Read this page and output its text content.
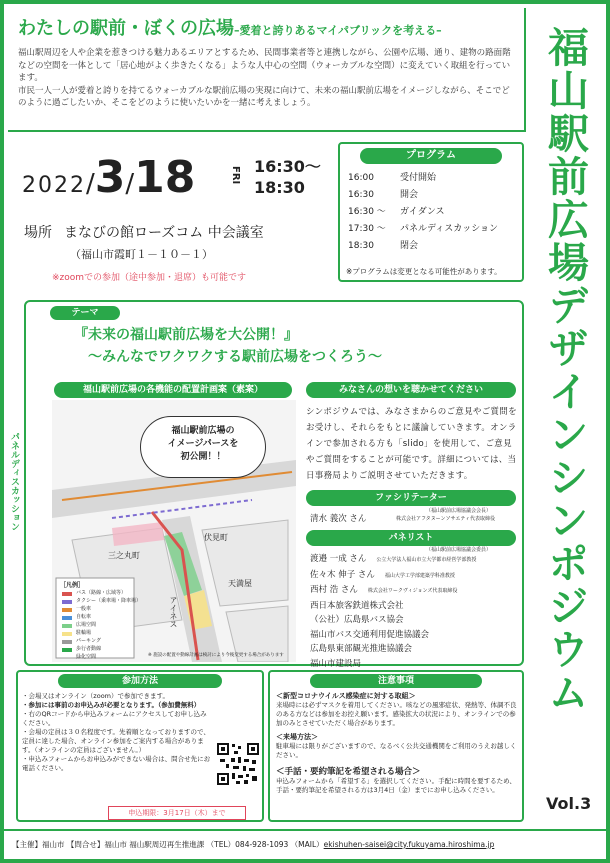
わたしの駅前・ぼくの広場–愛着と誇りあるマイパブリックを考える–
福山駅周辺を人や企業を惹きつける魅力あるエリアとするため、民間事業者等と連携しながら、公園や広場、通り、建物の路面階などの空間を一体として「居心地がよく歩きたくなる」ような人中心の空間（ウォーカブルな空間）に変えていく取組を行っています。
市民一人一人が愛着と誇りを持てるウォーカブルな駅前広場の実現に向けて、未来の福山駅前広場をイメージしながら、そこでどのように過ごしたいか、そこをどのように使いたいかを一緒に考えましょう。	福山駅前広場デザインシンポジウム
Vol.3
2022/3/18	FRI 16:30〜
18:30
場所 まなびの館ローズコム 中会議室
（福山市霞町１－１０－１）
※zoomでの参加（途中参加・退席）も可能です
プログラム
16:00	受付開始
16:30	開会
16:30 〜	ガイダンス
17:30 〜	パネルディスカッション
18:30	閉会
※プログラムは変更となる可能性があります。
パネルディスカッション
テーマ
『未来の福山駅前広場を大公開！』
〜みんなでワクワクする駅前広場をつくろう〜
福山駅前広場の各機能の配置計画案（素案）
伏見町
三之丸町
天満屋
アイネス
［凡例］
バス（路線・広域等）
タクシー（乗車場・降車場）
一般車
自転車
広場空間
駐輪場
パーキング
歩行者動線
緑化空間	※ 施設の配置や動線計画は検討により今後変更する場合があります
福山駅前広場の
イメージパースを
初公開！！
みなさんの想いを聴かせてください
シンポジウムでは、みなさまからのご意見やご質問をお受けし、それらをもとに議論していきます。オンラインで参加される方も「slido」を使用して、ご意見やご質問をすることが可能です。詳細については、当日事務局よりご説明させていただきます。
ファシリテーター
（福山駅前広場協議会会長）
清水 義次 さん	株式会社アフタヌーンソサエティ代表取締役
パネリスト
（福山駅前広場協議会委員）
渡邉 一成 さん 公立大学法人福山市立大学都市経営学部教授
佐々木 伸子 さん 福山大学工学部建築学科准教授
西村 浩 さん 株式会社ワークヴィジョンズ代表取締役
西日本旅客鉄道株式会社
（公社）広島県バス協会
福山市バス交通利用促進協議会
広島県東部観光推進協議会
福山市建設局
参加方法
・会場又はオンライン（zoom）で参加できます。
・参加には事前のお申込みが必要となります。（参加費無料）
・右のQRコードから申込みフォームにアクセスしてお申し込みください。
・会場の定員は３０名程度です。先着順となっておりますので、定員に達した場合、オンライン参加をご案内する場合があります。（オンラインの定員はございません。）
・申込みフォームからお申込みができない場合は、問合せ先にお電話ください。
申込期限：3月17日（木）まで
注意事項
＜新型コロナウイルス感染症に対する取組＞
来場時には必ずマスクを着用してください。咳などの風邪症状、発熱等、体調不良のある方などは参加をお控え願います。感染拡大の状況により、オンラインでの参加のみとさせていただく場合があります。
＜来場方法＞
駐車場には限りがございますので、なるべく公共交通機関をご利用のうえお越しください。
＜手話・要約筆記を希望される場合＞
申込みフォームから「希望する」を選択してください。手配に時間を要するため、手話・要約筆記を希望される方は3月4日（金）までにお申し込みください。
【主催】福山市 【問合せ】福山市 福山駅周辺再生推進課 （TEL）084-928-1093 （MAIL）ekishuhen-saisei@city.fukuyama.hiroshima.jp
